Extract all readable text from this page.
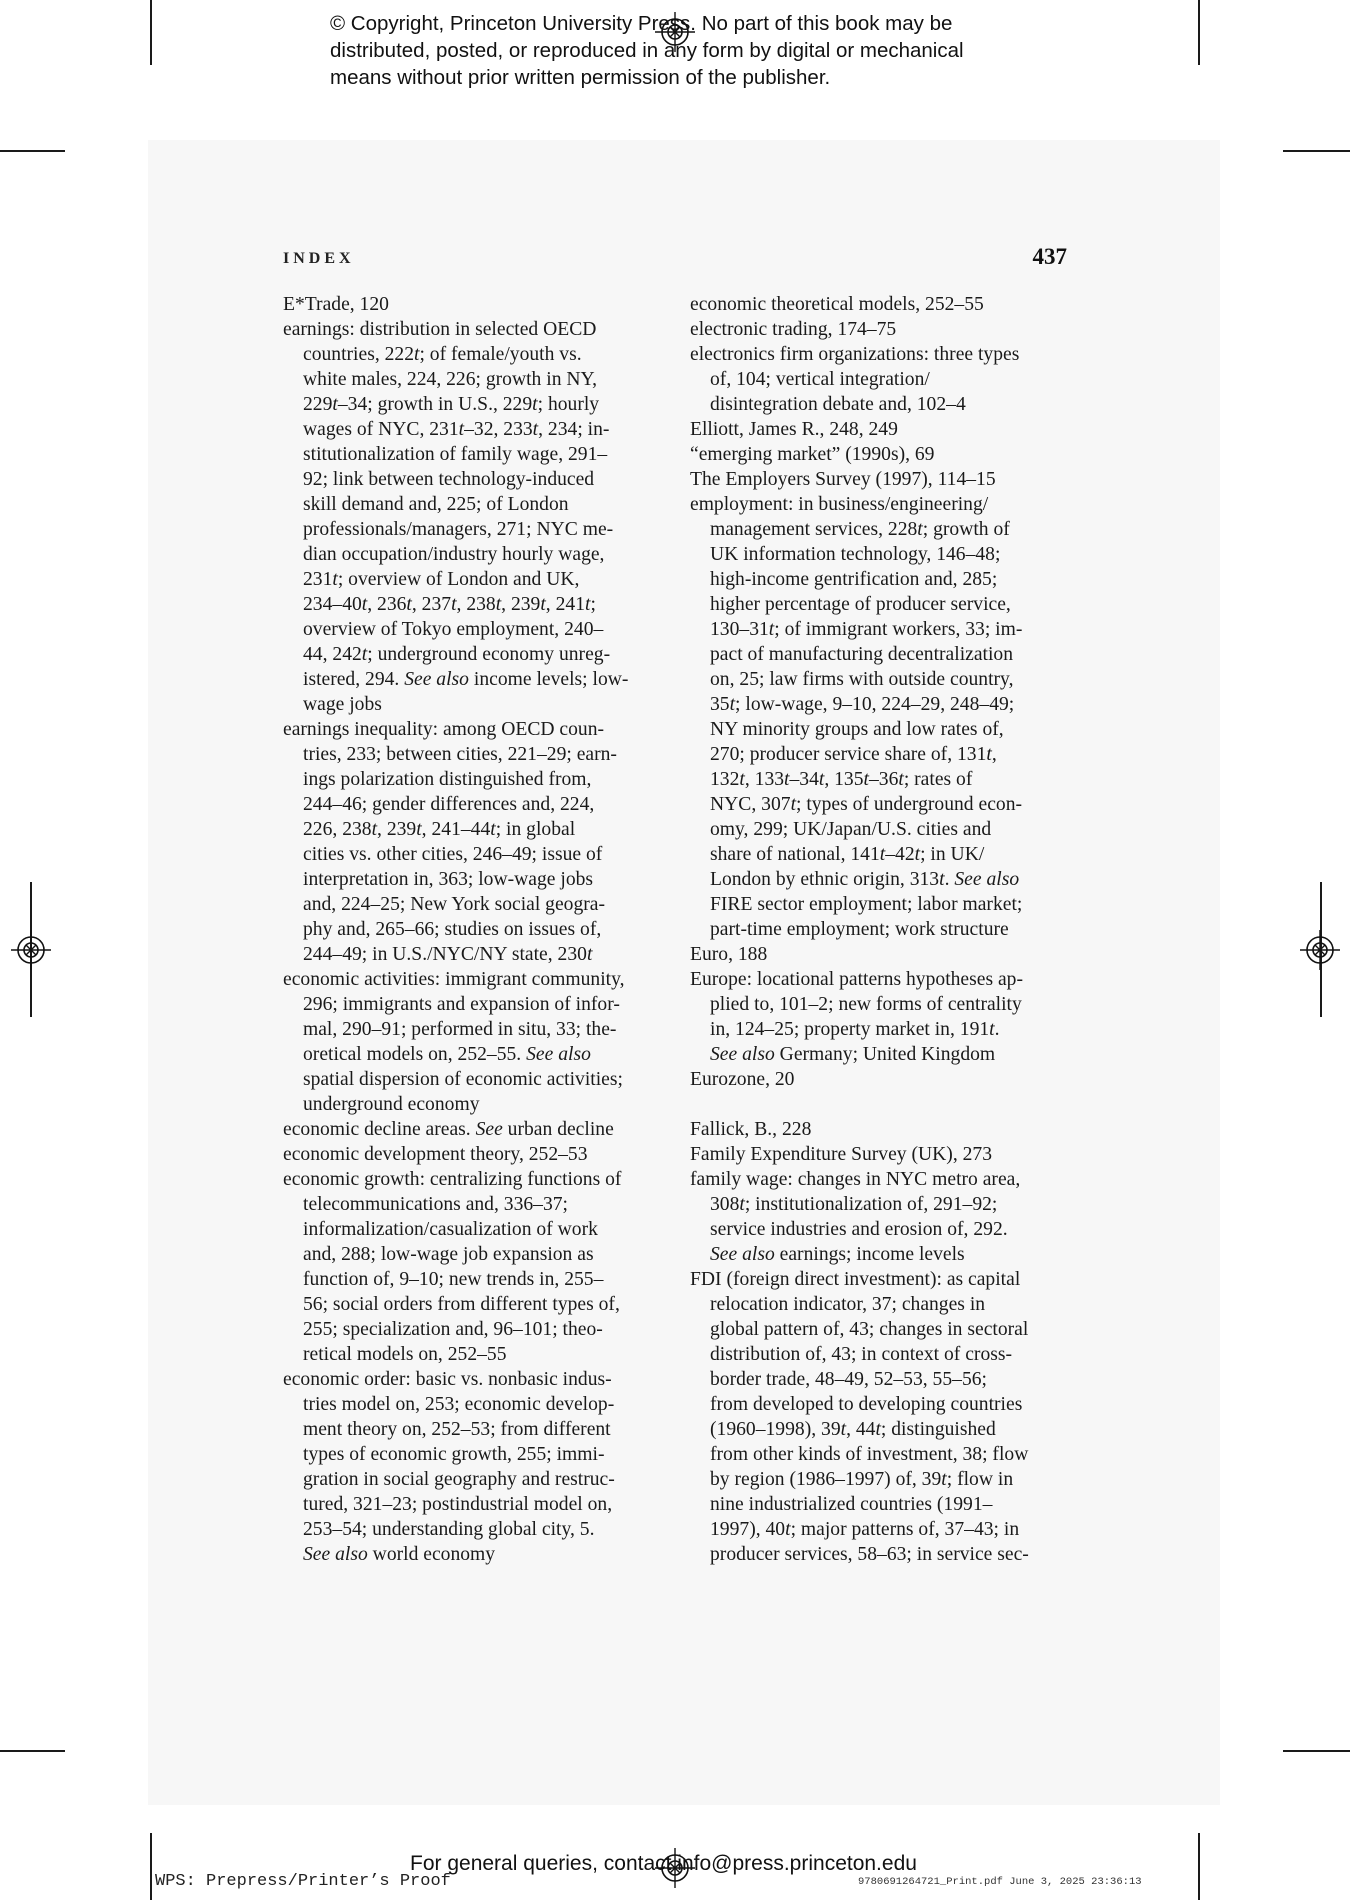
© Copyright, Princeton University Press. No part of this book may be
distributed, posted, or reproduced in any form by digital or mechanical
means without prior written permission of the publisher.
INDEX	437
E*Trade, 120
earnings: distribution in selected OECD
countries, 222t; of female/youth vs.
white males, 224, 226; growth in NY,
229t–34; growth in U.S., 229t; hourly
wages of NYC, 231t–32, 233t, 234; in-
stitutionalization of family wage, 291–
92; link between technology-induced
skill demand and, 225; of London
professionals/managers, 271; NYC me-
dian occupation/industry hourly wage,
231t; overview of London and UK,
234–40t, 236t, 237t, 238t, 239t, 241t;
overview of Tokyo employment, 240–
44, 242t; underground economy unreg-
istered, 294. See also income levels; low-
wage jobs
earnings inequality: among OECD coun-
tries, 233; between cities, 221–29; earn-
ings polarization distinguished from,
244–46; gender differences and, 224,
226, 238t, 239t, 241–44t; in global
cities vs. other cities, 246–49; issue of
interpretation in, 363; low-wage jobs
and, 224–25; New York social geogra-
phy and, 265–66; studies on issues of,
244–49; in U.S./NYC/NY state, 230t
economic activities: immigrant community,
296; immigrants and expansion of infor-
mal, 290–91; performed in situ, 33; the-
oretical models on, 252–55. See also
spatial dispersion of economic activities;
underground economy
economic decline areas. See urban decline
economic development theory, 252–53
economic growth: centralizing functions of
telecommunications and, 336–37;
informalization/casualization of work
and, 288; low-wage job expansion as
function of, 9–10; new trends in, 255–
56; social orders from different types of,
255; specialization and, 96–101; theo-
retical models on, 252–55
economic order: basic vs. nonbasic indus-
tries model on, 253; economic develop-
ment theory on, 252–53; from different
types of economic growth, 255; immi-
gration in social geography and restruc-
tured, 321–23; postindustrial model on,
253–54; understanding global city, 5.
See also world economy
economic theoretical models, 252–55
electronic trading, 174–75
electronics firm organizations: three types
of, 104; vertical integration/
disintegration debate and, 102–4
Elliott, James R., 248, 249
“emerging market” (1990s), 69
The Employers Survey (1997), 114–15
employment: in business/engineering/
management services, 228t; growth of
UK information technology, 146–48;
high-income gentrification and, 285;
higher percentage of producer service,
130–31t; of immigrant workers, 33; im-
pact of manufacturing decentralization
on, 25; law firms with outside country,
35t; low-wage, 9–10, 224–29, 248–49;
NY minority groups and low rates of,
270; producer service share of, 131t,
132t, 133t–34t, 135t–36t; rates of
NYC, 307t; types of underground econ-
omy, 299; UK/Japan/U.S. cities and
share of national, 141t–42t; in UK/
London by ethnic origin, 313t. See also
FIRE sector employment; labor market;
part-time employment; work structure
Euro, 188
Europe: locational patterns hypotheses ap-
plied to, 101–2; new forms of centrality
in, 124–25; property market in, 191t.
See also Germany; United Kingdom
Eurozone, 20
Fallick, B., 228
Family Expenditure Survey (UK), 273
family wage: changes in NYC metro area,
308t; institutionalization of, 291–92;
service industries and erosion of, 292.
See also earnings; income levels
FDI (foreign direct investment): as capital
relocation indicator, 37; changes in
global pattern of, 43; changes in sectoral
distribution of, 43; in context of cross-
border trade, 48–49, 52–53, 55–56;
from developed to developing countries
(1960–1998), 39t, 44t; distinguished
from other kinds of investment, 38; flow
by region (1986–1997) of, 39t; flow in
nine industrialized countries (1991–
1997), 40t; major patterns of, 37–43; in
producer services, 58–63; in service sec-
For general queries, contact info@press.princeton.edu
WPS: Prepress/Printer’s Proof	9780691264721_Print.pdf June 3, 2025 23:36:13
